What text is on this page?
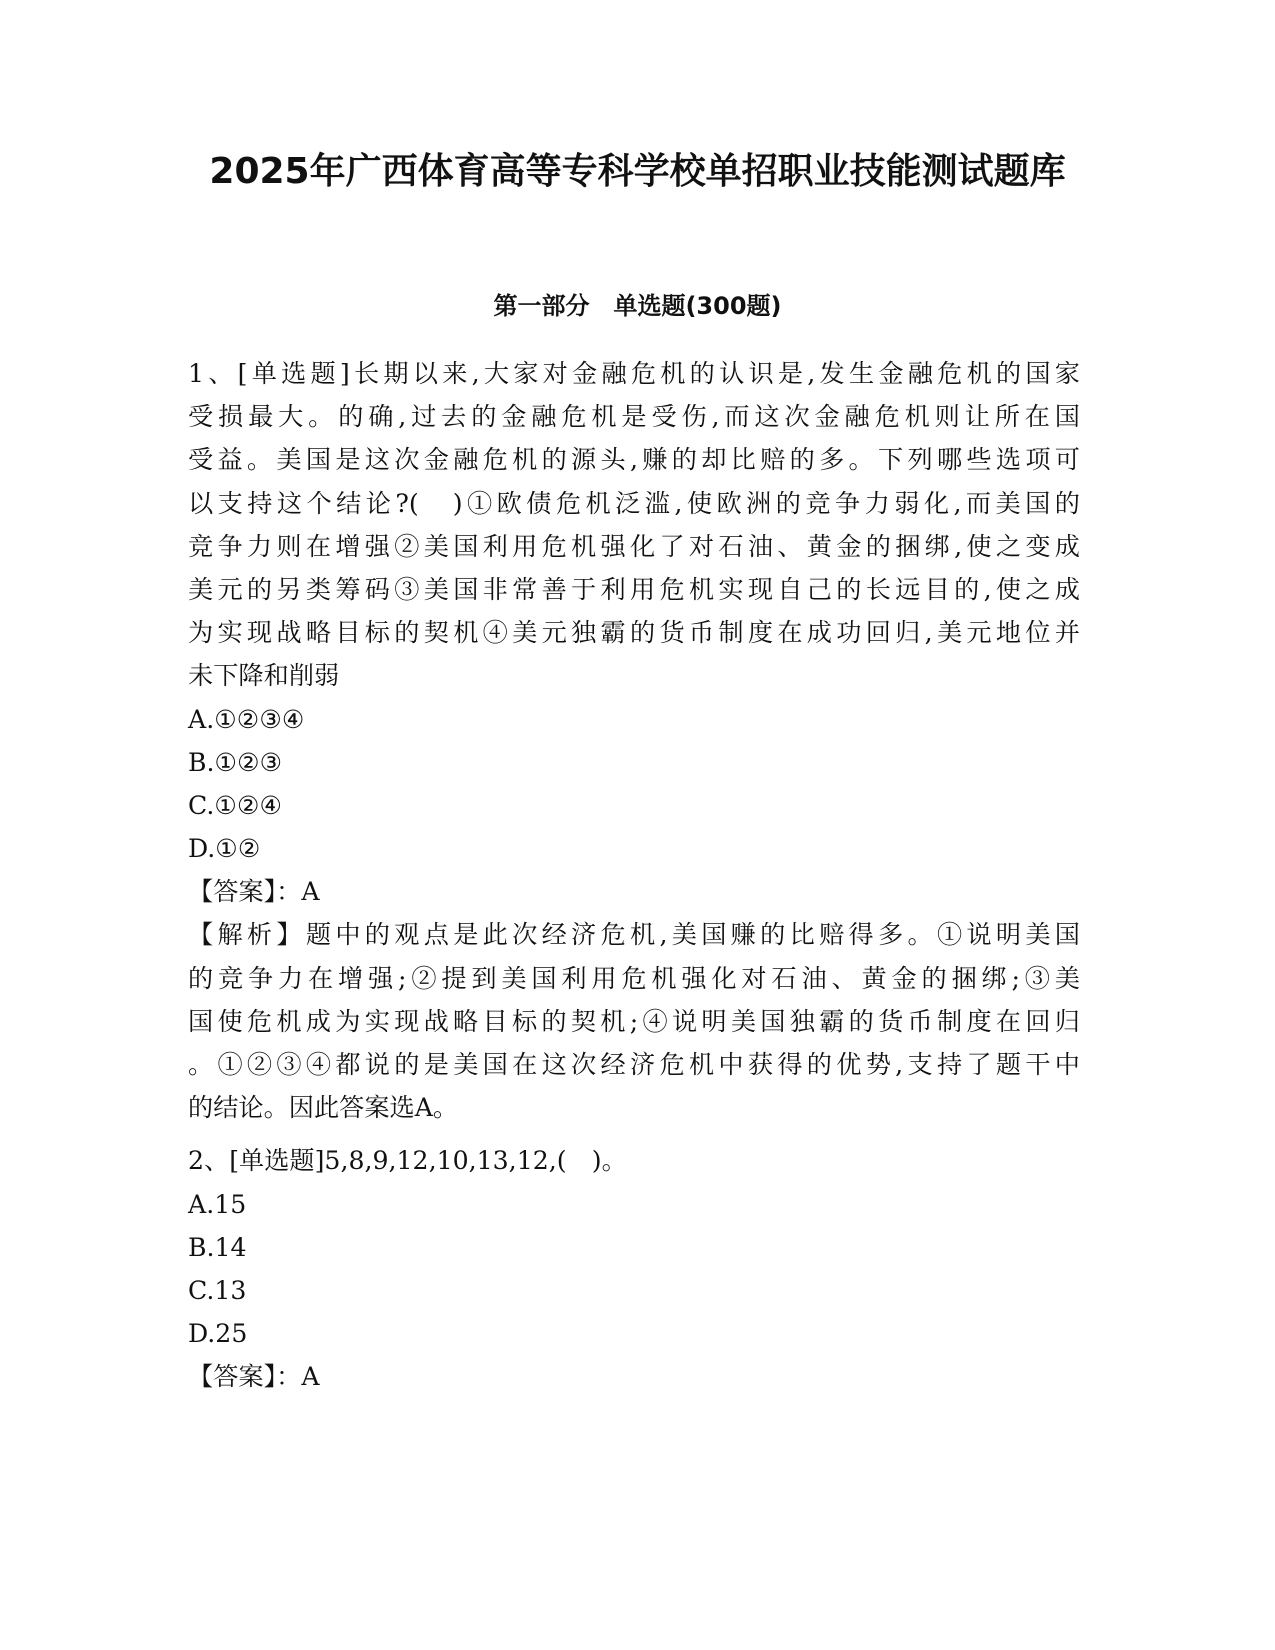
2025年广西体育高等专科学校单招职业技能测试题库
第一部分　单选题(300题)

1、[单选题]长期以来,大家对金融危机的认识是,发生金融危机的国家

受损最大。的确,过去的金融危机是受伤,而这次金融危机则让所在国

受益。美国是这次金融危机的源头,赚的却比赔的多。下列哪些选项可

以支持这个结论?(　)①欧债危机泛滥,使欧洲的竞争力弱化,而美国的

竞争力则在增强②美国利用危机强化了对石油、黄金的捆绑,使之变成

美元的另类筹码③美国非常善于利用危机实现自己的长远目的,使之成

为实现战略目标的契机④美元独霸的货币制度在成功回归,美元地位并

未下降和削弱

A.①②③④

B.①②③

C.①②④

D.①②

【答案】：A

【解析】题中的观点是此次经济危机,美国赚的比赔得多。①说明美国

的竞争力在增强;②提到美国利用危机强化对石油、黄金的捆绑;③美

国使危机成为实现战略目标的契机;④说明美国独霸的货币制度在回归

。①②③④都说的是美国在这次经济危机中获得的优势,支持了题干中

的结论。因此答案选A。

2、[单选题]5,8,9,12,10,13,12,(　)。

A.15

B.14

C.13

D.25

【答案】：A
